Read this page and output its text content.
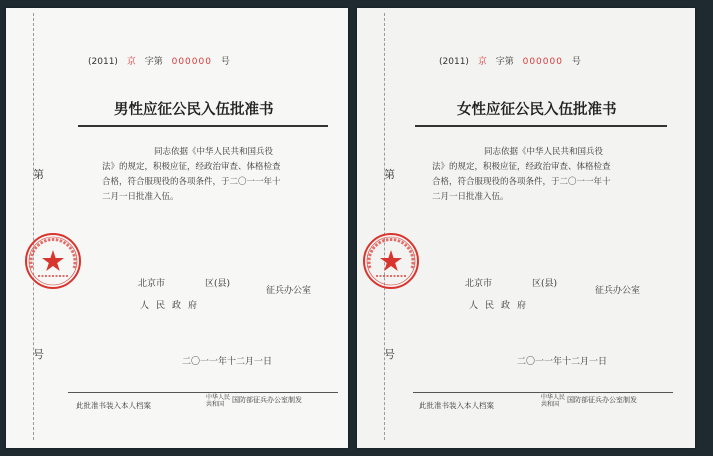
第
号
(2011) 京 字第 000000 号
男性应征公民入伍批准书
同志依据《中华人民共和国兵役
法》的规定，积极应征，经政治审查、体格检查
合格，符合服现役的各项条件，于二〇一一年十
二月一日批准入伍。
北京市	区(县)
人民政府
征兵办公室
二〇一一年十二月一日
此批准书装入本人档案
中华人民
共和国
国防部征兵办公室制发
第
号
(2011) 京 字第 000000 号
女性应征公民入伍批准书
同志依据《中华人民共和国兵役
法》的规定，积极应征，经政治审查、体格检查
合格，符合服现役的各项条件，于二〇一一年十
二月一日批准入伍。
北京市	区(县)
人民政府
征兵办公室
二〇一一年十二月一日
此批准书装入本人档案
中华人民
共和国
国防部征兵办公室制发
